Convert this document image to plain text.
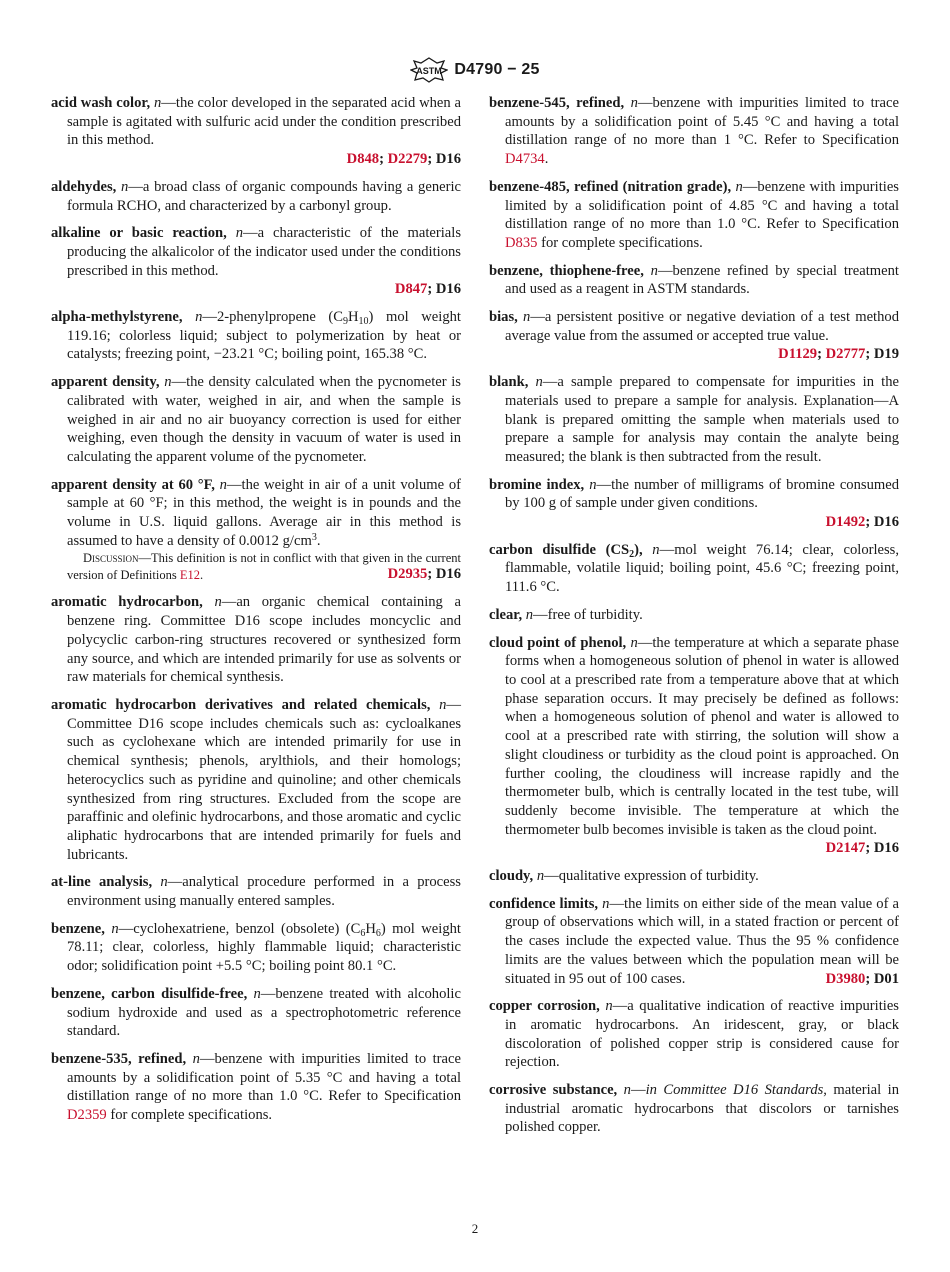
ASTM D4790 − 25
acid wash color, n—the color developed in the separated acid when a sample is agitated with sulfuric acid under the condition prescribed in this method.
D848; D2279; D16
aldehydes, n—a broad class of organic compounds having a generic formula RCHO, and characterized by a carbonyl group.
alkaline or basic reaction, n—a characteristic of the materials producing the alkalicolor of the indicator used under the conditions prescribed in this method.
D847; D16
alpha-methylstyrene, n—2-phenylpropene $(C_9H_{10})$ mol weight 119.16; colorless liquid; subject to polymerization by heat or catalysts; freezing point, −23.21 °C; boiling point, 165.38 °C.
apparent density, n—the density calculated when the pycnometer is calibrated with water, weighed in air, and when the sample is weighed in air and no air buoyancy correction is used for either weighing, even though the density in vacuum of water is used in calculating the apparent volume of the pycnometer.
apparent density at 60 °F, n—the weight in air of a unit volume of sample at 60 °F; in this method, the weight is in pounds and the volume in U.S. liquid gallons. Average air in this method is assumed to have a density of 0.0012 $g/cm^3$.
Discussion—This definition is not in conflict with that given in the current version of Definitions E12.	D2935; D16
aromatic hydrocarbon, n—an organic chemical containing a benzene ring. Committee D16 scope includes moncyclic and polycyclic carbon-ring structures recovered or synthesized form any source, and which are intended primarily for use as solvents or raw materials for chemical synthesis.
aromatic hydrocarbon derivatives and related chemicals, n—Committee D16 scope includes chemicals such as: cycloalkanes such as cyclohexane which are intended primarily for use in chemical synthesis; phenols, arylthiols, and their homologs; heterocyclics such as pyridine and quinoline; and other chemicals synthesized from ring structures. Excluded from the scope are paraffinic and olefinic hydrocarbons, and those aromatic and cyclic aliphatic hydrocarbons that are intended primarily for fuels and lubricants.
at-line analysis, n—analytical procedure performed in a process environment using manually entered samples.
benzene, n—cyclohexatriene, benzol (obsolete) $(C_6H_6)$ mol weight 78.11; clear, colorless, highly flammable liquid; characteristic odor; solidification point +5.5 °C; boiling point 80.1 °C.
benzene, carbon disulfide-free, n—benzene treated with alcoholic sodium hydroxide and used as a spectrophotometric reference standard.
benzene-535, refined, n—benzene with impurities limited to trace amounts by a solidification point of 5.35 °C and having a total distillation range of no more than 1.0 °C. Refer to Specification D2359 for complete specifications.
benzene-545, refined, n—benzene with impurities limited to trace amounts by a solidification point of 5.45 °C and having a total distillation range of no more than 1 °C. Refer to Specification D4734.
benzene-485, refined (nitration grade), n—benzene with impurities limited by a solidification point of 4.85 °C and having a total distillation range of no more than 1.0 °C. Refer to Specification D835 for complete specifications.
benzene, thiophene-free, n—benzene refined by special treatment and used as a reagent in ASTM standards.
bias, n—a persistent positive or negative deviation of a test method average value from the assumed or accepted true value.
D1129; D2777; D19
blank, n—a sample prepared to compensate for impurities in the materials used to prepare a sample for analysis. Explanation—A blank is prepared omitting the sample when materials used to prepare a sample for analysis may contain the analyte being measured; the blank is then subtracted from the result.
bromine index, n—the number of milligrams of bromine consumed by 100 g of sample under given conditions.
D1492; D16
carbon disulfide $(CS_2)$, n—mol weight 76.14; clear, colorless, flammable, volatile liquid; boiling point, 45.6 °C; freezing point, 111.6 °C.
clear, n—free of turbidity.
cloud point of phenol, n—the temperature at which a separate phase forms when a homogeneous solution of phenol in water is allowed to cool at a prescribed rate from a temperature above that at which phase separation occurs. It may precisely be defined as follows: when a homogeneous solution of phenol and water is allowed to cool at a prescribed rate with stirring, the solution will show a slight cloudiness or turbidity as the cloud point is approached. On further cooling, the cloudiness will increase rapidly and the thermometer bulb, which is centrally located in the test tube, will suddenly become invisible. The temperature at which the thermometer bulb becomes invisible is taken as the cloud point.
D2147; D16
cloudy, n—qualitative expression of turbidity.
confidence limits, n—the limits on either side of the mean value of a group of observations which will, in a stated fraction or percent of the cases include the expected value. Thus the 95 % confidence limits are the values between which the population mean will be situated in 95 out of 100 cases.	D3980; D01
copper corrosion, n—a qualitative indication of reactive impurities in aromatic hydrocarbons. An iridescent, gray, or black discoloration of polished copper strip is considered cause for rejection.
corrosive substance, n—in Committee D16 Standards, material in industrial aromatic hydrocarbons that discolors or tarnishes polished copper.
2
